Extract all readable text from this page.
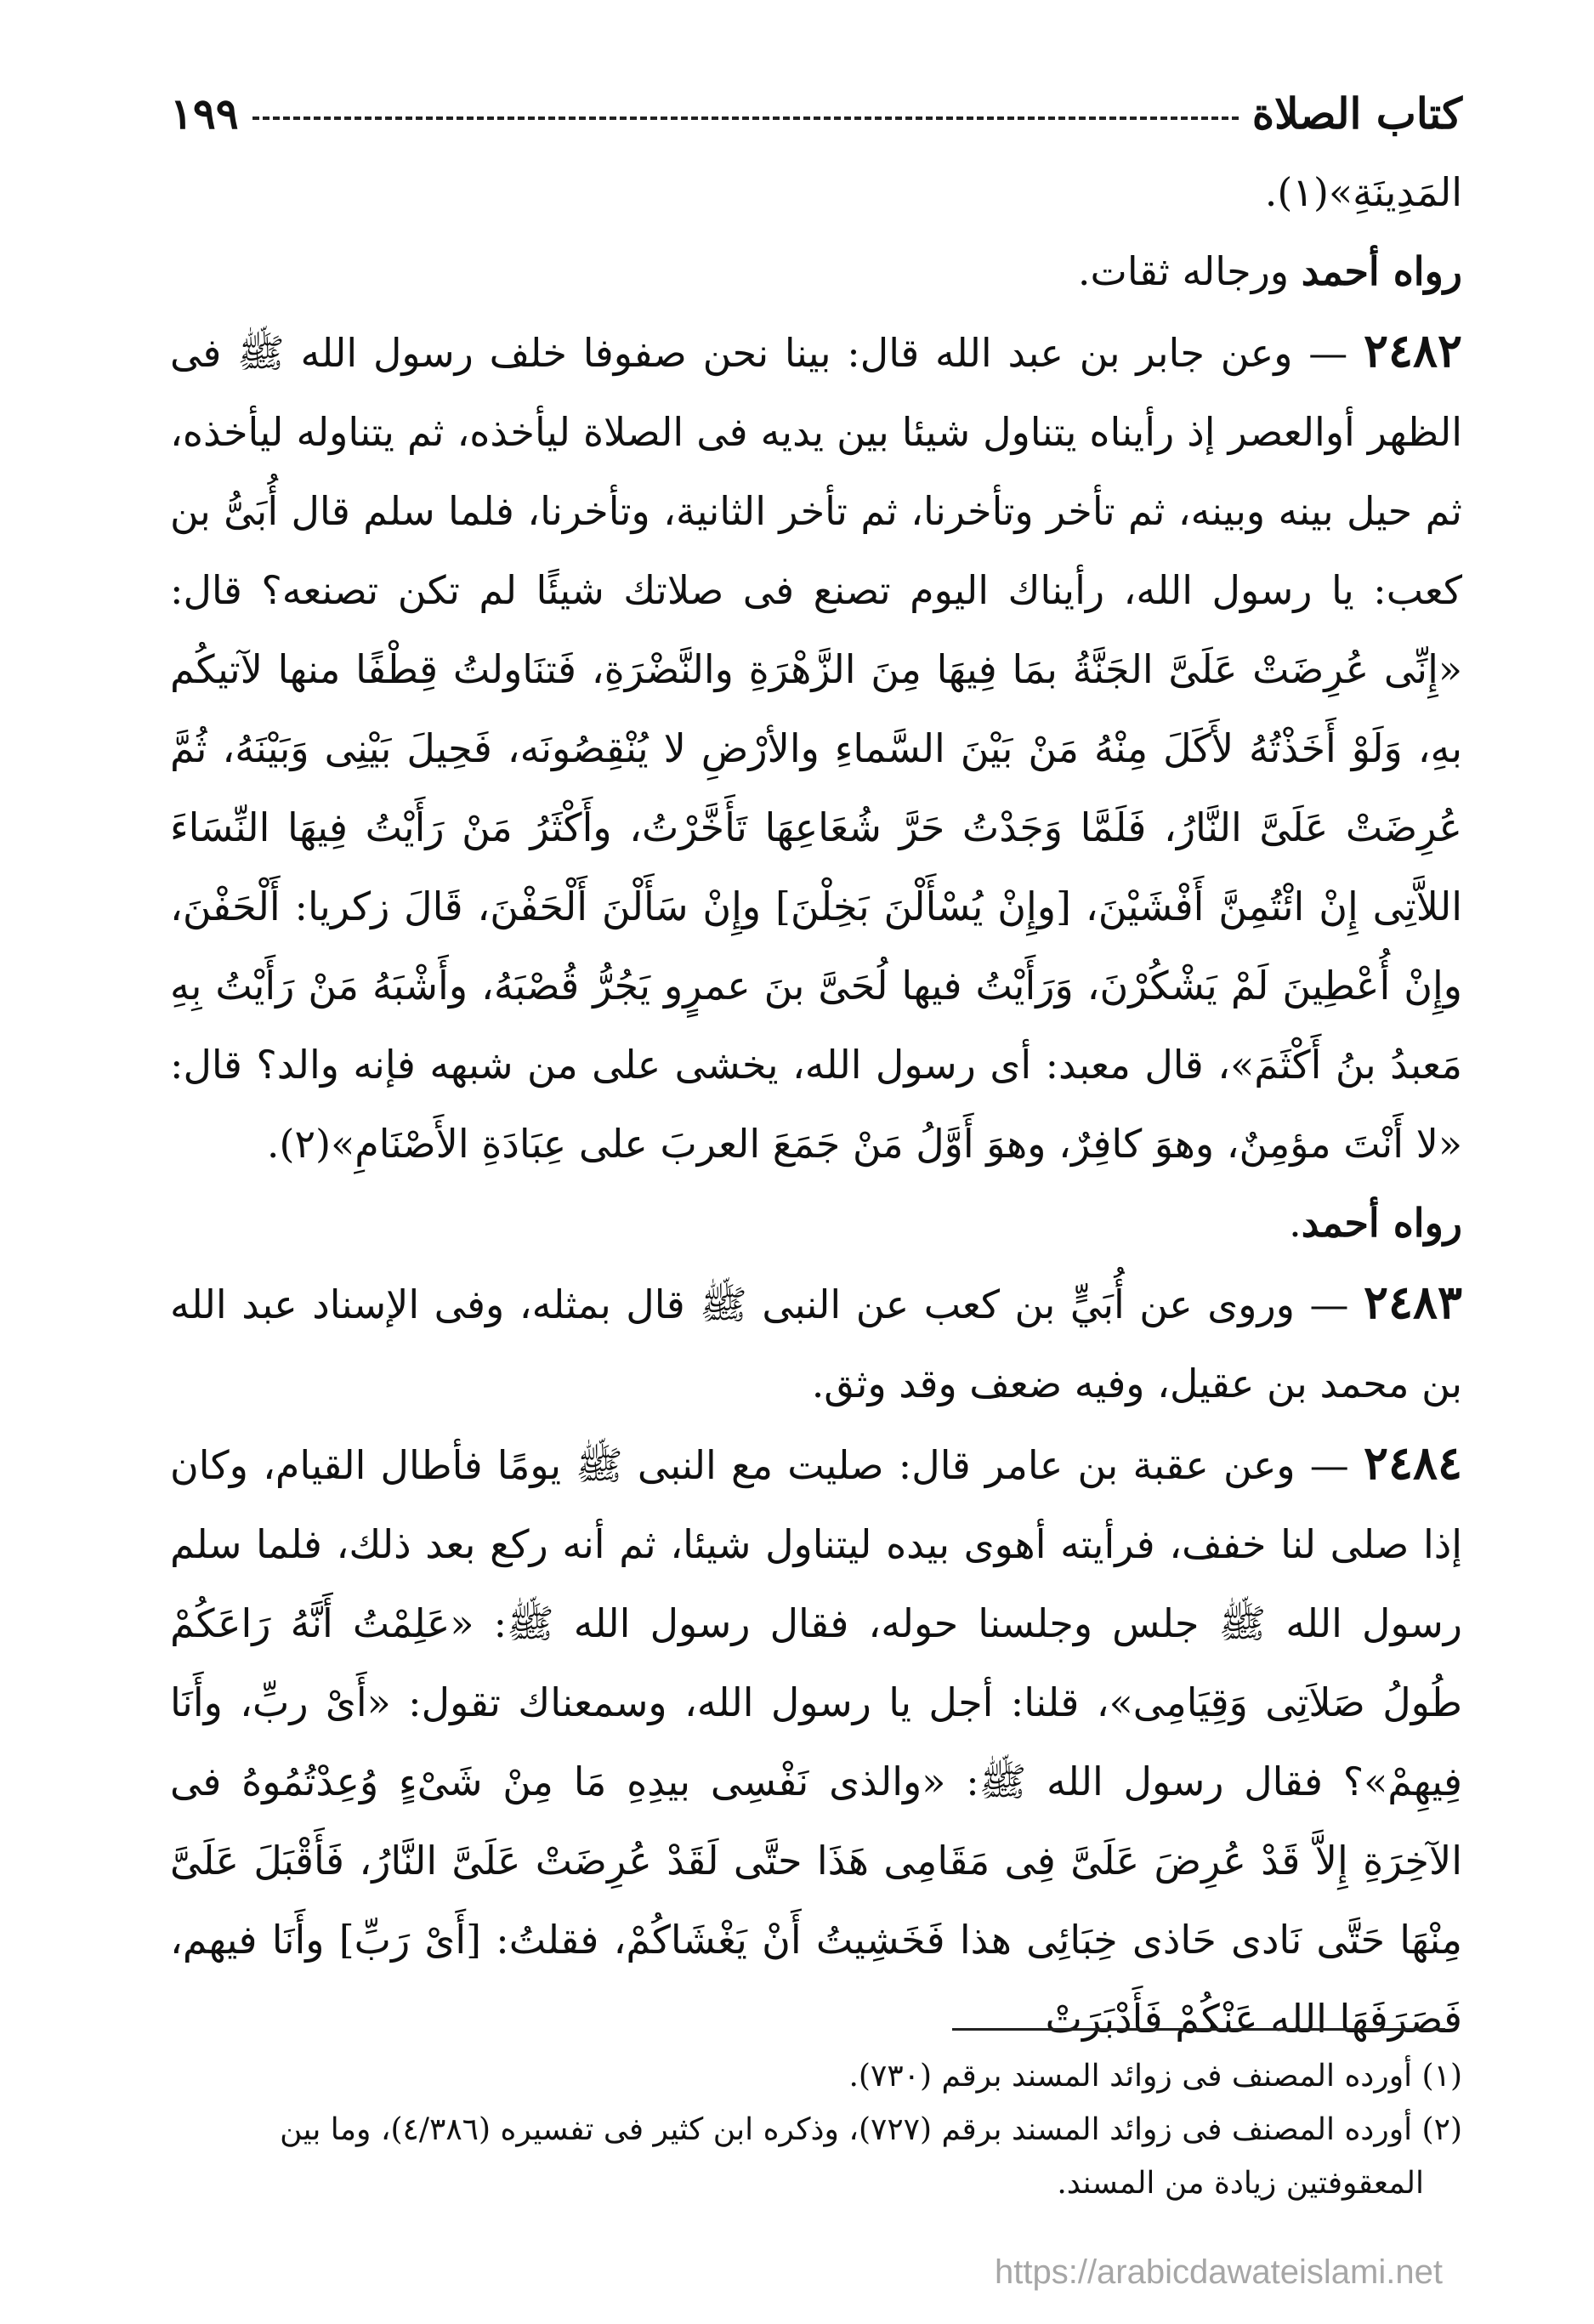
كتاب الصلاة
١٩٩

المَدِينَةِ»(١).

رواه أحمد ورجاله ثقات.

٢٤٨٢ — وعن جابر بن عبد الله قال: بينا نحن صفوفا خلف رسول الله ﷺ فى الظهر أوالعصر إذ رأيناه يتناول شيئا بين يديه فى الصلاة ليأخذه، ثم يتناوله ليأخذه، ثم حيل بينه وبينه، ثم تأخر وتأخرنا، ثم تأخر الثانية، وتأخرنا، فلما سلم قال أُبَىُّ بن كعب: يا رسول الله، رأيناك اليوم تصنع فى صلاتك شيئًا لم تكن تصنعه؟ قال: «إِنِّى عُرِضَتْ عَلَىَّ الجَنَّةُ بمَا فِيهَا مِنَ الزَّهْرَةِ والنَّضْرَةِ، فَتنَاولتُ قِطْفًا منها لآتيكُم بهِ، وَلَوْ أَخَذْتُهُ لأَكَلَ مِنْهُ مَنْ بَيْنَ السَّماءِ والأرْضِ لا يُنْقِصُونَه، فَحِيلَ بَيْنِى وَبَيْنَهُ، ثُمَّ عُرِضَتْ عَلَىَّ النَّارُ، فَلَمَّا وَجَدْتُ حَرَّ شُعَاعِهَا تَأَخَّرْتُ، وأَكْثَرُ مَنْ رَأَيْتُ فِيهَا النِّسَاءَ اللاَّتِى إِنْ ائْتُمِنَّ أَفْشَيْنَ، [وإِنْ يُسْأَلْنَ بَخِلْنَ] وإِنْ سَأَلْنَ أَلْحَفْنَ، قَالَ زكريا: أَلْحَفْنَ، وإِنْ أُعْطِينَ لَمْ يَشْكُرْنَ، وَرَأَيْتُ فيها لُحَىَّ بنَ عمرٍو يَجُرُّ قُصْبَهُ، وأَشْبَهُ مَنْ رَأَيْتُ بِهِ مَعبدُ بنُ أَكْثَمَ»، قال معبد: أى رسول الله، يخشى على من شبهه فإنه والد؟ قال: «لا أَنْتَ مؤمِنٌ، وهوَ كافِرٌ، وهوَ أَوَّلُ مَنْ جَمَعَ العربَ على عِبَادَةِ الأَصْنَامِ»(٢).

رواه أحمد.

٢٤٨٣ — وروى عن أُبَيٍّ بن كعب عن النبى ﷺ قال بمثله، وفى الإسناد عبد الله بن محمد بن عقيل، وفيه ضعف وقد وثق.

٢٤٨٤ — وعن عقبة بن عامر قال: صليت مع النبى ﷺ يومًا فأطال القيام، وكان إذا صلى لنا خفف، فرأيته أهوى بيده ليتناول شيئا، ثم أنه ركع بعد ذلك، فلما سلم رسول الله ﷺ جلس وجلسنا حوله، فقال رسول الله ﷺ: «عَلِمْتُ أَنَّهُ رَاعَكُمْ طُولُ صَلاَتِى وَقِيَامِى»، قلنا: أجل يا رسول الله، وسمعناك تقول: «أَىْ ربِّ، وأَنَا فِيهِمْ»؟ فقال رسول الله ﷺ: «والذى نَفْسِى بيدِهِ مَا مِنْ شَىْءٍ وُعِدْتُمُوهُ فى الآخِرَةِ إِلاَّ قَدْ عُرِضَ عَلَىَّ فِى مَقَامِى هَذَا حتَّى لَقَدْ عُرِضَتْ عَلَىَّ النَّارُ، فَأَقْبَلَ عَلَىَّ مِنْهَا حَتَّى نَادى حَاذى خِبَائِى هذا فَخَشِيتُ أَنْ يَغْشَاكُمْ، فقلتُ: [أَىْ رَبِّ] وأَنَا فيهم، فَصَرَفَهَا الله عَنْكُمْ فَأَدْبَرَتْ

(١) أورده المصنف فى زوائد المسند برقم (٧٣٠).

(٢) أورده المصنف فى زوائد المسند برقم (٧٢٧)، وذكره ابن كثير فى تفسيره (٤/٣٨٦)، وما بين

المعقوفتين زيادة من المسند.

https://arabicdawateislami.net
